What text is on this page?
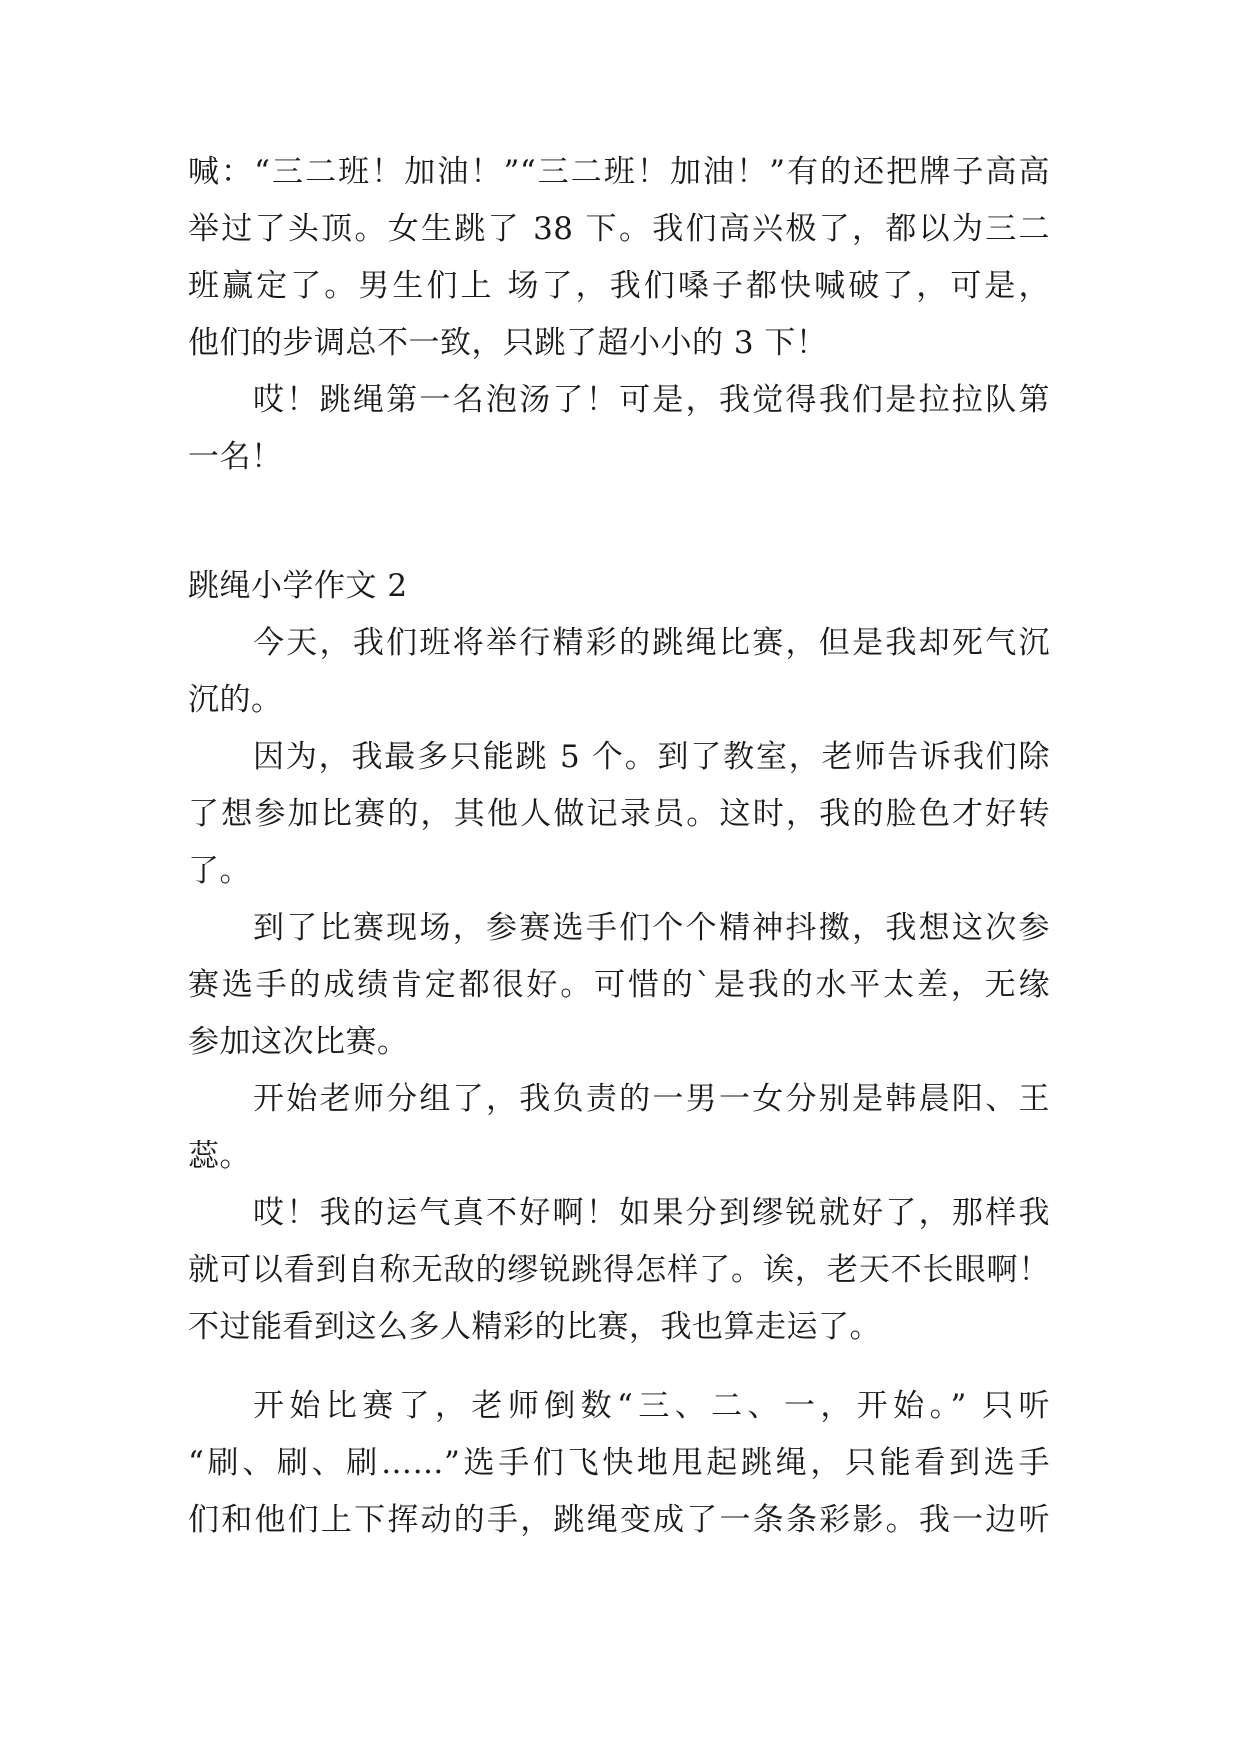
喊：“三二班！加油！”“三二班！加油！”有的还把牌子高高
举过了头顶。女生跳了 38 下。我们高兴极了，都以为三二
班赢定了。男生们上 场了，我们嗓子都快喊破了，可是，
他们的步调总不一致，只跳了超小小的 3 下！
哎！跳绳第一名泡汤了！可是，我觉得我们是拉拉队第
一名！
跳绳小学作文 2
今天，我们班将举行精彩的跳绳比赛，但是我却死气沉
沉的。
因为，我最多只能跳 5 个。到了教室，老师告诉我们除
了想参加比赛的，其他人做记录员。这时，我的脸色才好转
了。
到了比赛现场，参赛选手们个个精神抖擞，我想这次参
赛选手的成绩肯定都很好。可惜的`是我的水平太差，无缘
参加这次比赛。
开始老师分组了，我负责的一男一女分别是韩晨阳、王
蕊。
哎！我的运气真不好啊！如果分到缪锐就好了，那样我
就可以看到自称无敌的缪锐跳得怎样了。诶，老天不长眼啊！
不过能看到这么多人精彩的比赛，我也算走运了。
开始比赛了，老师倒数“三、二、一，开始。” 只听
“刷、刷、刷……”选手们飞快地甩起跳绳，只能看到选手
们和他们上下挥动的手，跳绳变成了一条条彩影。我一边听
